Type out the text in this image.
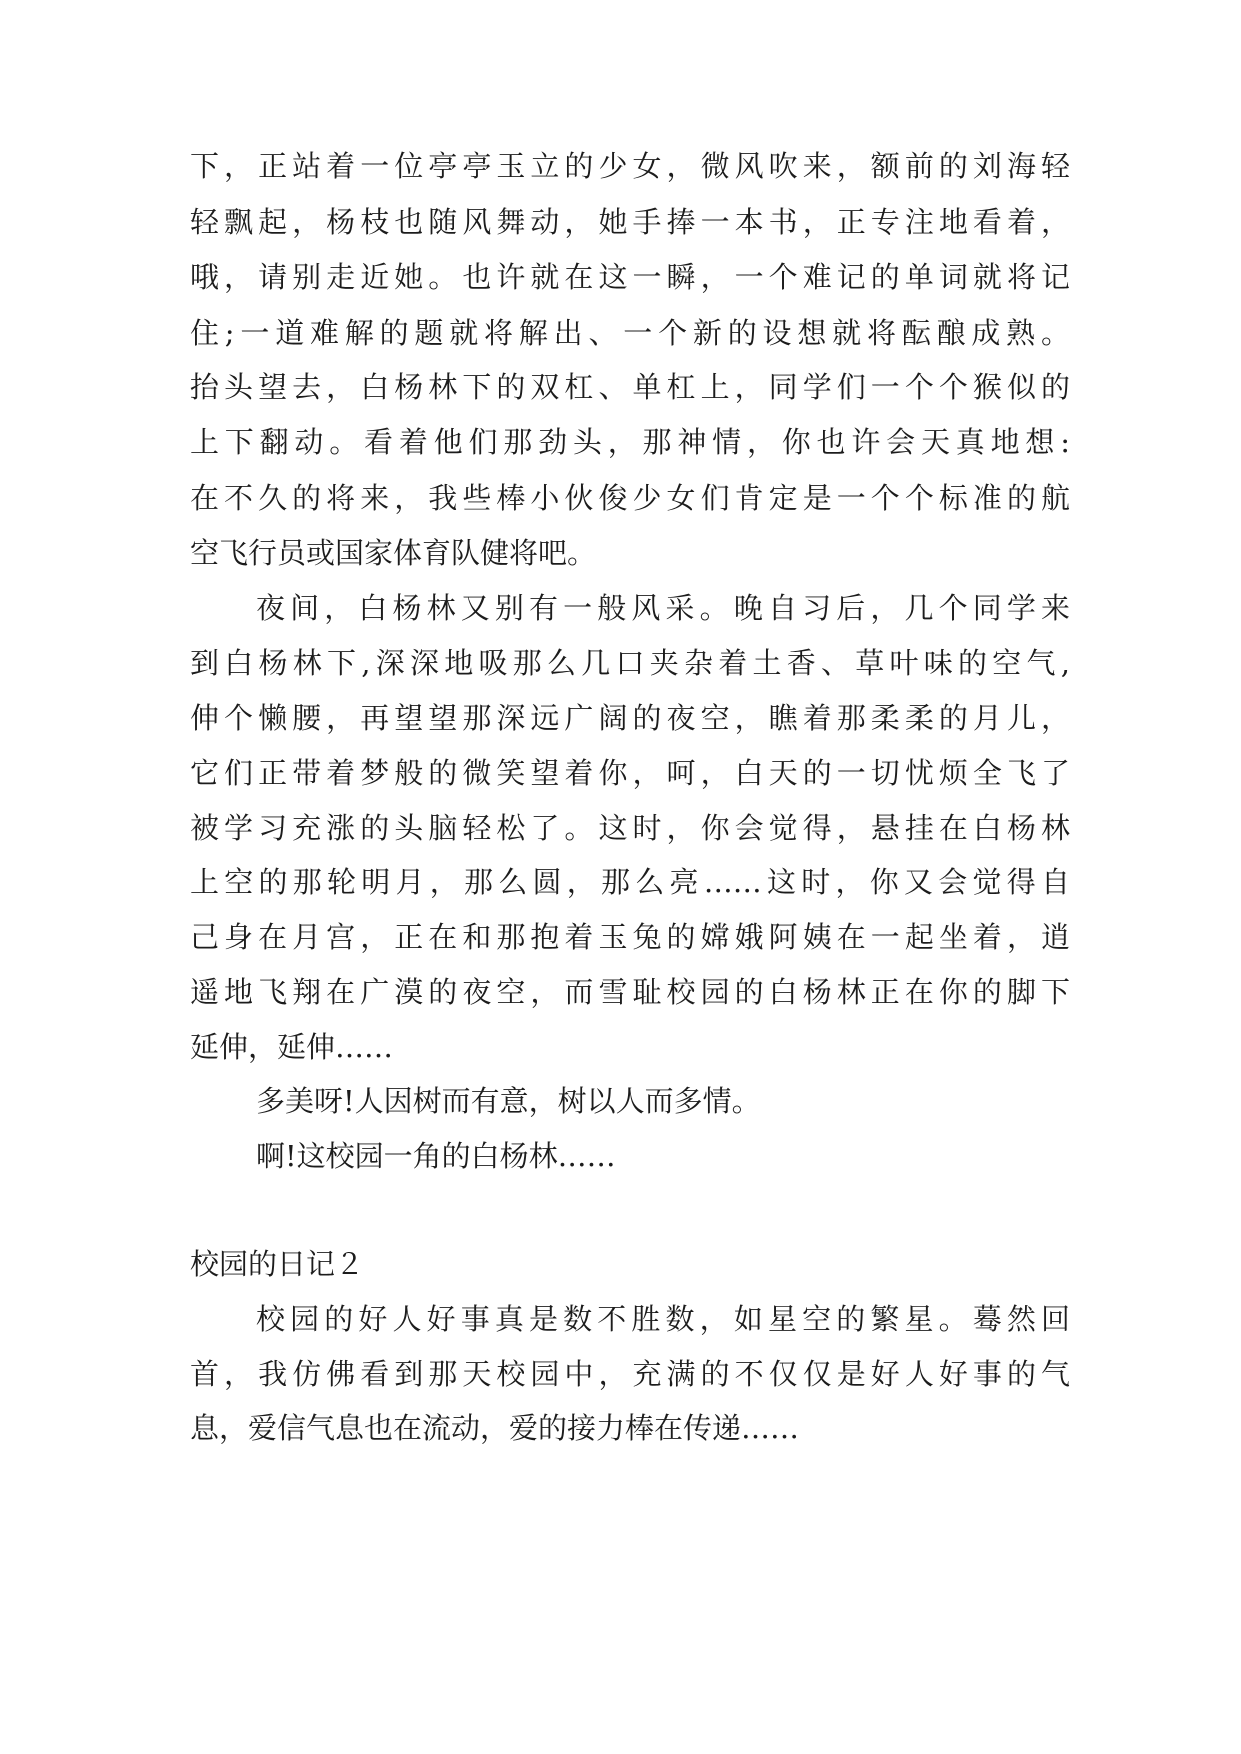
下，正站着一位亭亭玉立的少女，微风吹来，额前的刘海轻
轻飘起，杨枝也随风舞动，她手捧一本书，正专注地看着，
哦，请别走近她。也许就在这一瞬，一个难记的单词就将记
住;一道难解的题就将解出、一个新的设想就将酝酿成熟。
抬头望去，白杨林下的双杠、单杠上，同学们一个个猴似的
上下翻动。看着他们那劲头，那神情，你也许会天真地想:
在不久的将来，我些棒小伙俊少女们肯定是一个个标准的航
空飞行员或国家体育队健将吧。
夜间，白杨林又别有一般风采。晚自习后，几个同学来
到白杨林下,深深地吸那么几口夹杂着土香、草叶味的空气,
伸个懒腰，再望望那深远广阔的夜空，瞧着那柔柔的月儿，
它们正带着梦般的微笑望着你，呵，白天的一切忧烦全飞了
被学习充涨的头脑轻松了。这时，你会觉得，悬挂在白杨林
上空的那轮明月，那么圆，那么亮……这时，你又会觉得自
己身在月宫，正在和那抱着玉兔的嫦娥阿姨在一起坐着，逍
遥地飞翔在广漠的夜空，而雪耻校园的白杨林正在你的脚下
延伸，延伸……
多美呀!人因树而有意，树以人而多情。
啊!这校园一角的白杨林……
校园的日记２
校园的好人好事真是数不胜数，如星空的繁星。蓦然回
首，我仿佛看到那天校园中，充满的不仅仅是好人好事的气
息，爱信气息也在流动，爱的接力棒在传递……
